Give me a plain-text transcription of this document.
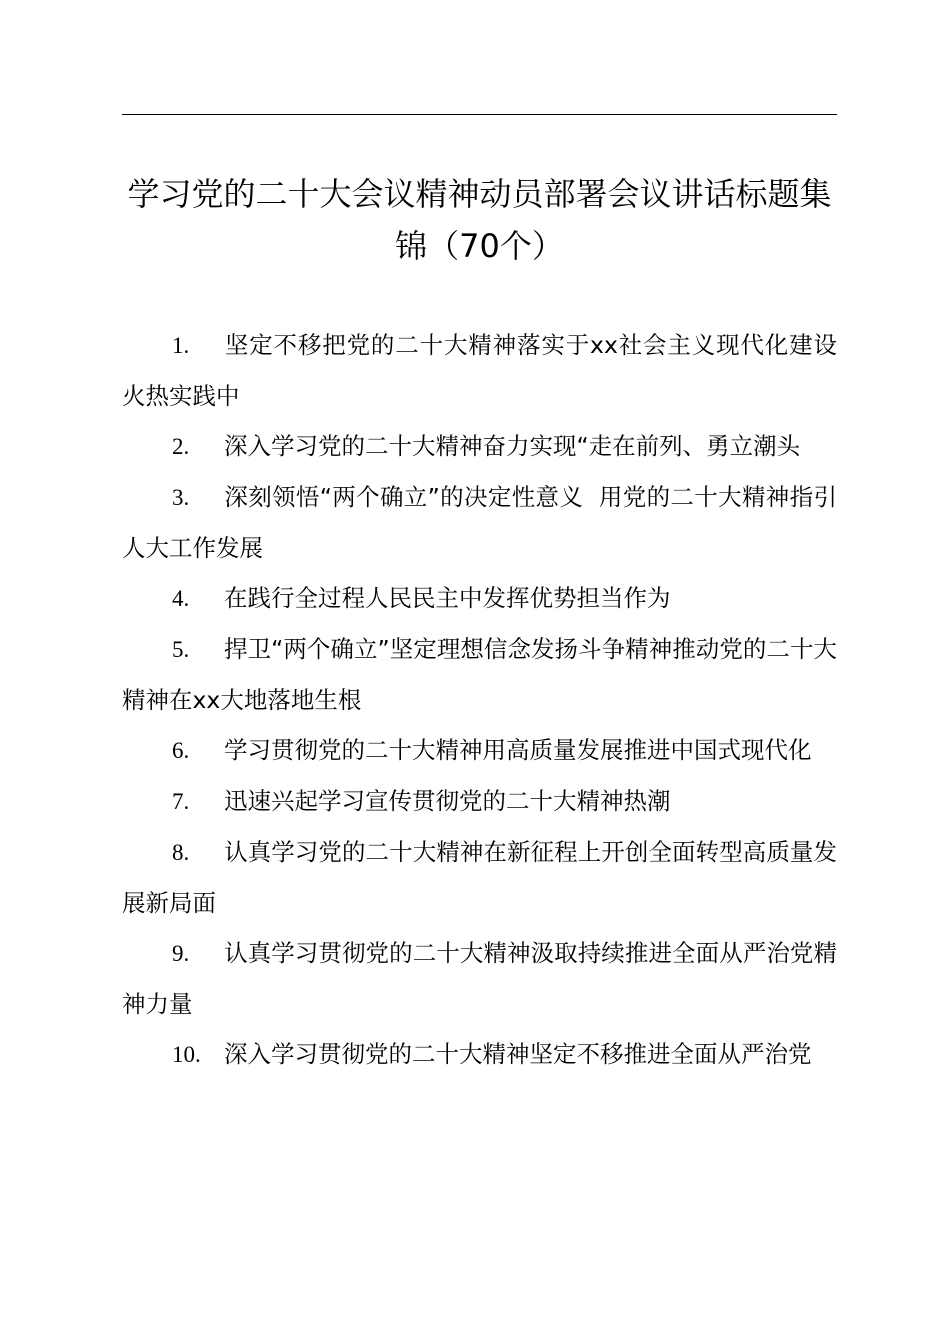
学习党的二十大会议精神动员部署会议讲话标题集锦（70个）

1. 坚定不移把党的二十大精神落实于xx社会主义现代化建设火热实践中

2. 深入学习党的二十大精神奋力实现“走在前列、勇立潮头

3. 深刻领悟“两个确立”的决定性意义  用党的二十大精神指引人大工作发展

4. 在践行全过程人民民主中发挥优势担当作为

5. 捍卫“两个确立”坚定理想信念发扬斗争精神推动党的二十大精神在xx大地落地生根

6. 学习贯彻党的二十大精神用高质量发展推进中国式现代化

7. 迅速兴起学习宣传贯彻党的二十大精神热潮

8. 认真学习党的二十大精神在新征程上开创全面转型高质量发展新局面

9. 认真学习贯彻党的二十大精神汲取持续推进全面从严治党精神力量

10. 深入学习贯彻党的二十大精神坚定不移推进全面从严治党
